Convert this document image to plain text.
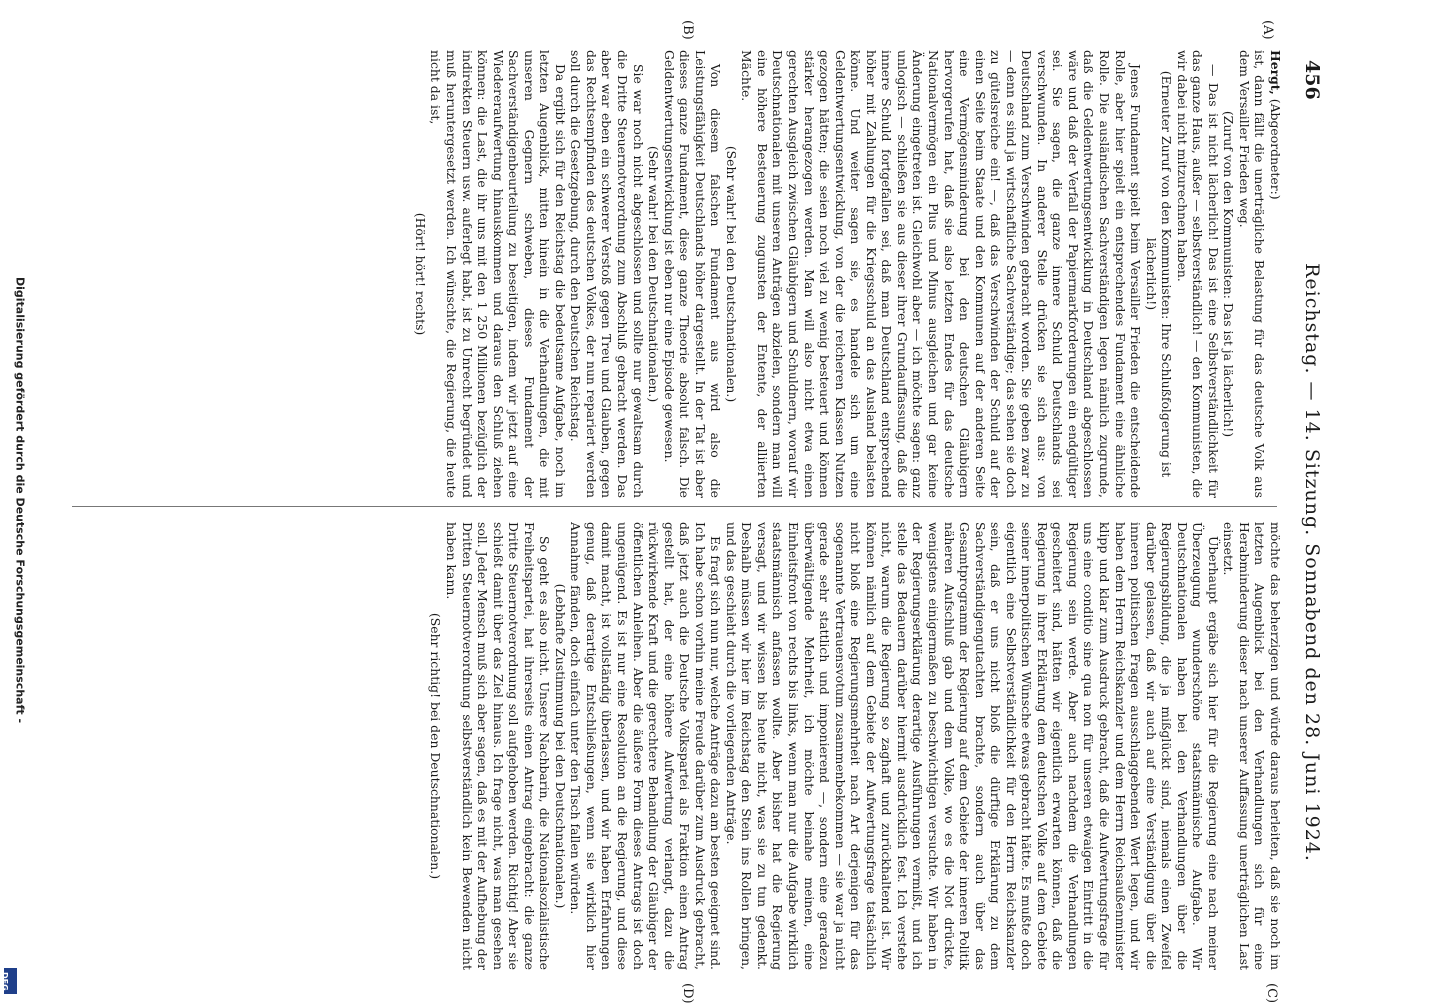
456
Reichstag. — 14. Sitzung. Sonnabend den 28. Juni 1924.
(A)
(B)
(C)
(D)

Hergt, (Abgeordneter:)

ist, dann fällt die unerträgliche Belastung für das deutsche Volk aus dem Versailler Frieden weg.

(Zuruf von den Kommunisten: Das ist ja lächerlich!)

— Das ist nicht lächerlich! Das ist eine Selbstverständlichkeit für das ganze Haus, außer — selbstverständlich! — den Kommunisten, die wir dabei nicht mitzurechnen haben.

(Erneuter Zuruf von den Kommunisten: Ihre Schlußfolgerung ist lächerlich!)

Jenes Fundament spielt beim Versailler Frieden die entscheidende Rolle, aber hier spielt ein entsprechendes Fundament eine ähnliche Rolle. Die ausländischen Sachverständigen legen nämlich zugrunde, daß die Geldentwertungsentwicklung in Deutschland abgeschlossen wäre und daß der Verfall der Papiermarkforderungen ein endgültiger sei. Sie sagen, die ganze innere Schuld Deutschlands sei verschwunden. In anderer Stelle drücken sie sich aus: von Deutschland zum Verschwinden gebracht worden. Sie geben zwar zu — denn es sind ja wirtschaftliche Sachverständige; das sehen sie doch zu gütelsreiche ein! —, daß das Verschwinden der Schuld auf der einen Seite beim Staate und den Kommunen auf der anderen Seite eine Vermögensminderung bei den deutschen Gläubigern hervorgerufen hat, daß sie also letzten Endes für das deutsche Nationalvermögen ein Plus und Minus ausgleichen und gar keine Änderung eingetreten ist. Gleichwohl aber — ich möchte sagen: ganz unlogisch — schließen sie aus dieser ihrer Grundauffassung, daß die innere Schuld fortgefallen sei, daß man Deutschland entsprechend höher mit Zahlungen für die Kriegsschuld an das Ausland belasten könne. Und weiter sagen sie, es handele sich um eine Geldentwertungsentwicklung, von der die reicheren Klassen Nutzen gezogen hätten; die seien noch viel zu wenig besteuert und können stärker herangezogen werden. Man will also nicht etwa einen gerechten Ausgleich zwischen Gläubigern und Schuldnern, worauf wir Deutschnationalen mit unseren Anträgen abzielen, sondern man will eine höhere Besteuerung zugunsten der Entente, der alliierten Mächte.

(Sehr wahr! bei den Deutschnationalen.)

Von diesem falschen Fundament aus wird also die Leistungsfähigkeit Deutschlands höher dargestellt. In der Tat ist aber dieses ganze Fundament, diese ganze Theorie absolut falsch. Die Geldentwertungsentwicklung ist eben nur eine Episode gewesen.

(Sehr wahr! bei den Deutschnationalen.)

Sie war noch nicht abgeschlossen und sollte nur gewaltsam durch die Dritte Steuernotverordnung zum Abschluß gebracht werden. Das aber war eben ein schwerer Verstoß gegen Treu und Glauben, gegen das Rechtsempfinden des deutschen Volkes, der nun repariert werden soll durch die Gesetzgebung, durch den Deutschen Reichstag.

Da ergibt sich für den Reichstag die bedeutsame Aufgabe, noch im letzten Augenblick, mitten hinein in die Verhandlungen, die mit unseren Gegnern schweben, dieses Fundament der Sachverständigenbeurteilung zu beseitigen, indem wir jetzt auf eine Wiedereraufwertung hinauskommen und daraus den Schluß ziehen können: die Last, die ihr uns mit den 1 250 Millionen bezüglich der indirekten Steuern usw. auferlegt habt, ist zu Unrecht begründet und muß heruntergesetzt werden. Ich wünschte, die Regierung, die heute nicht da ist,

(Hört! hört! rechts)

möchte das beherzigen und würde daraus herleiten, daß sie noch im letzten Augenblick bei den Verhandlungen sich für eine Herabminderung dieser nach unserer Auffassung unerträglichen Last einsetzt.

Überhaupt ergäbe sich hier für die Regierung eine nach meiner Überzeugung wunderschöne staatsmännische Aufgabe. Wir Deutschnationalen haben bei den Verhandlungen über die Regierungsbildung, die ja mißglückt sind, niemals einen Zweifel darüber gelassen, daß wir auch auf eine Verständigung über die inneren politischen Fragen ausschlaggebenden Wert legen, und wir haben dem Herrn Reichskanzler und dem Herrn Reichsaußenminister klipp und klar zum Ausdruck gebracht, daß die Aufwertungsfrage für uns eine conditio sine qua non für unseren etwaigen Eintritt in die Regierung sein werde. Aber auch nachdem die Verhandlungen gescheitert sind, hätten wir eigentlich erwarten können, daß die Regierung in ihrer Erklärung dem deutschen Volke auf dem Gebiete seiner innerpolitischen Wünsche etwas gebracht hätte. Es mußte doch eigentlich eine Selbstverständlichkeit für den Herrn Reichskanzler sein, daß er uns nicht bloß die dürftige Erklärung zu dem Sachverständigengutachten brachte, sondern auch über das Gesamtprogramm der Regierung auf dem Gebiete der inneren Politik näheren Aufschluß gab und dem Volke, wo es die Not drückte, wenigstens einigermaßen zu beschwichtigen versuchte. Wir haben in der Regierungserklärung derartige Ausführungen vermißt, und ich stelle das Bedauern darüber hiermit ausdrücklich fest. Ich verstehe nicht, warum die Regierung so zaghaft und zurückhaltend ist. Wir können nämlich auf dem Gebiete der Aufwertungsfrage tatsächlich nicht bloß eine Regierungsmehrheit nach Art derjenigen für das sogenannte Vertrauensvotum zusammenbekommen — sie war ja nicht gerade sehr stattlich und imponierend —, sondern eine geradezu überwältigende Mehrheit, ich möchte beinahe meinen, eine Einheitsfront von rechts bis links, wenn man nur die Aufgabe wirklich staatsmännisch anfassen wollte. Aber bisher hat die Regierung versagt, und wir wissen bis heute nicht, was sie zu tun gedenkt. Deshalb müssen wir hier im Reichstag den Stein ins Rollen bringen, und das geschieht durch die vorliegenden Anträge.

Es fragt sich nun nur, welche Anträge dazu am besten geeignet sind. Ich habe schon vorhin meine Freude darüber zum Ausdruck gebracht, daß jetzt auch die Deutsche Volkspartei als Fraktion einen Antrag gestellt hat, der eine höhere Aufwertung verlangt, dazu die rückwirkende Kraft und die gerechtere Behandlung der Gläubiger der öffentlichen Anleihen. Aber die äußere Form dieses Antrags ist doch ungenügend. Es ist nur eine Resolution an die Regierung, und diese damit macht, ist vollständig überlassen, und wir haben Erfahrungen genug, daß derartige Entschließungen, wenn sie wirklich hier Annahme fänden, doch einfach unter den Tisch fallen würden.

(Lebhafte Zustimmung bei den Deutschnationalen.)

So geht es also nicht. Unsere Nachbarin, die Nationalsozialistische Freiheitspartei, hat ihrerseits einen Antrag eingebracht: die ganze Dritte Steuernotverordnung soll aufgehoben werden. Richtig! Aber sie schießt damit über das Ziel hinaus. Ich frage nicht, was man gesehen soll. Jeder Mensch muß sich aber sagen, daß es mit der Aufhebung der Dritten Steuernotverordnung selbstverständlich kein Bewenden nicht haben kann.

(Sehr richtig! bei den Deutschnationalen.)

Digitalisierung gefördert durch die Deutsche Forschungsgemeinschaft -
DFG
